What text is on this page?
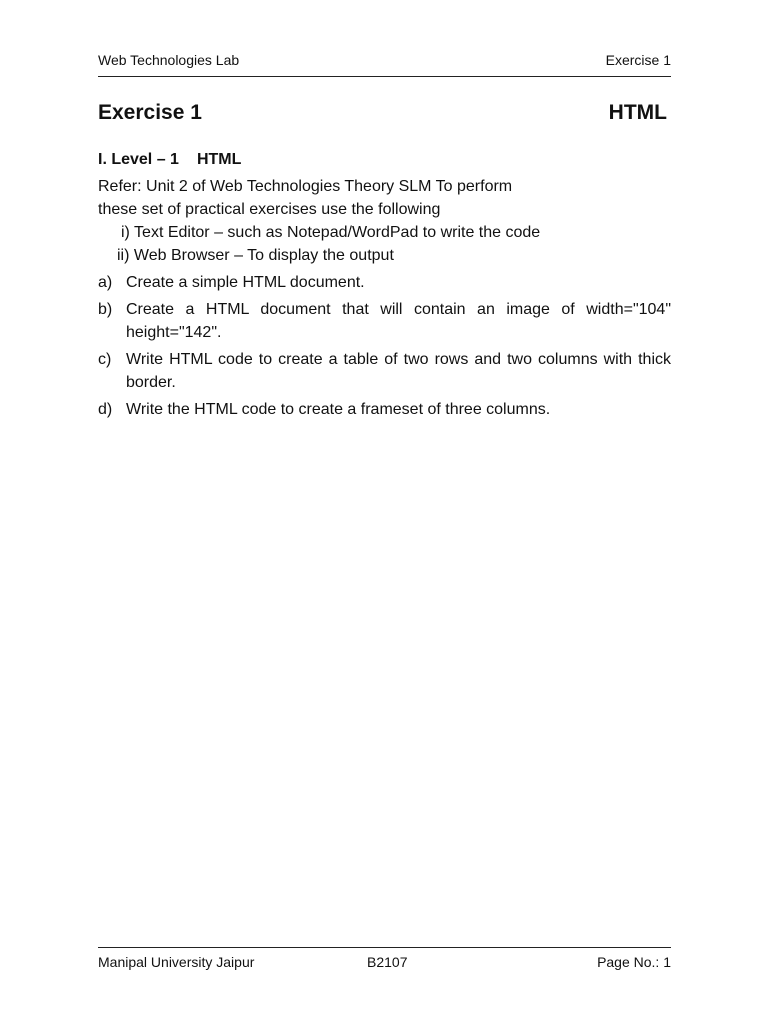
Web Technologies Lab	Exercise 1
Exercise 1	HTML
I. Level – 1 HTML

Refer: Unit 2 of Web Technologies Theory SLM To perform

these set of practical exercises use the following

i) Text Editor – such as Notepad/WordPad to write the code

ii) Web Browser – To display the output

a) Create a simple HTML document.
b) Create a HTML document that will contain an image of width="104" height="142".
c) Write HTML code to create a table of two rows and two columns with thick border.
d) Write the HTML code to create a frameset of three columns.
Manipal University Jaipur	B2107	Page No.: 1
